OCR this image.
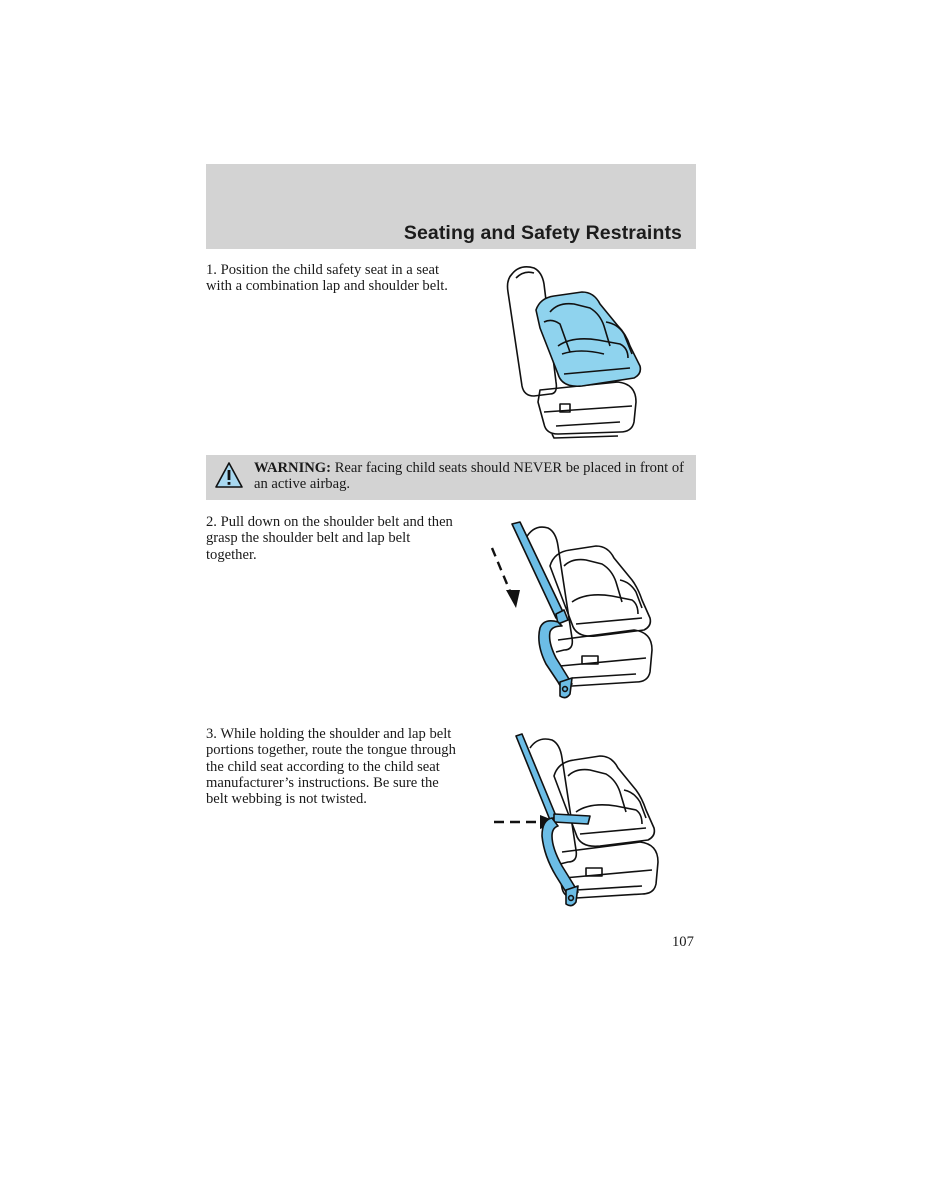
Seating and Safety Restraints

1. Position the child safety seat in a seat with a combination lap and shoulder belt.

WARNING: Rear facing child seats should NEVER be placed in front of an active airbag.

2. Pull down on the shoulder belt and then grasp the shoulder belt and lap belt together.

3. While holding the shoulder and lap belt portions together, route the tongue through the child seat according to the child seat manufacturer’s instructions. Be sure the belt webbing is not twisted.

107
